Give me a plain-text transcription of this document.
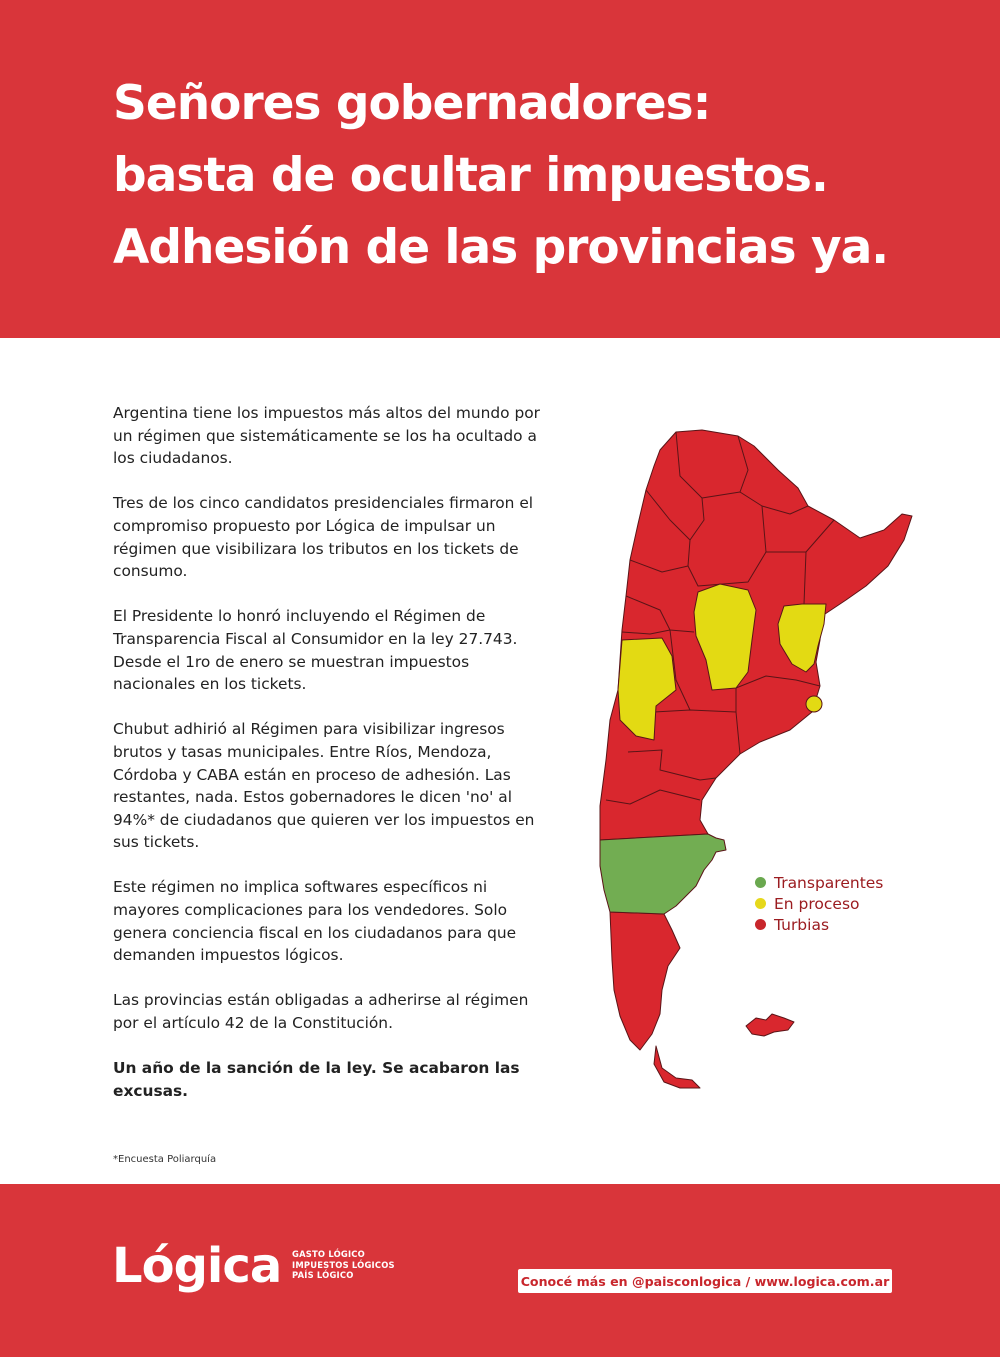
Señores gobernadores:
basta de ocultar impuestos.
Adhesión de las provincias ya.

Argentina tiene los impuestos más altos del mundo por un régimen que sistemáticamente se los ha ocultado a los ciudadanos.

Tres de los cinco candidatos presidenciales firmaron el compromiso propuesto por Lógica de impulsar un régimen que visibilizara los tributos en los tickets de consumo.

El Presidente lo honró incluyendo el Régimen de Transparencia Fiscal al Consumidor en la ley 27.743. Desde el 1ro de enero se muestran impuestos nacionales en los tickets.

Chubut adhirió al Régimen para visibilizar ingresos brutos y tasas municipales. Entre Ríos, Mendoza, Córdoba y CABA están en proceso de adhesión. Las restantes, nada. Estos gobernadores le dicen 'no' al 94%* de ciudadanos que quieren ver los impuestos en sus tickets.

Este régimen no implica softwares específicos ni mayores complicaciones para los vendedores. Solo genera conciencia fiscal en los ciudadanos para que demanden impuestos lógicos.

Las provincias están obligadas a adherirse al régimen por el artículo 42 de la Constitución.

Un año de la sanción de la ley. Se acabaron las excusas.

*Encuesta Poliarquía
Transparentes
En proceso
Turbias
Lógica GASTO LÓGICO
IMPUESTOS LÓGICOS
PAÍS LÓGICO	Conocé más en @paisconlogica / www.logica.com.ar
